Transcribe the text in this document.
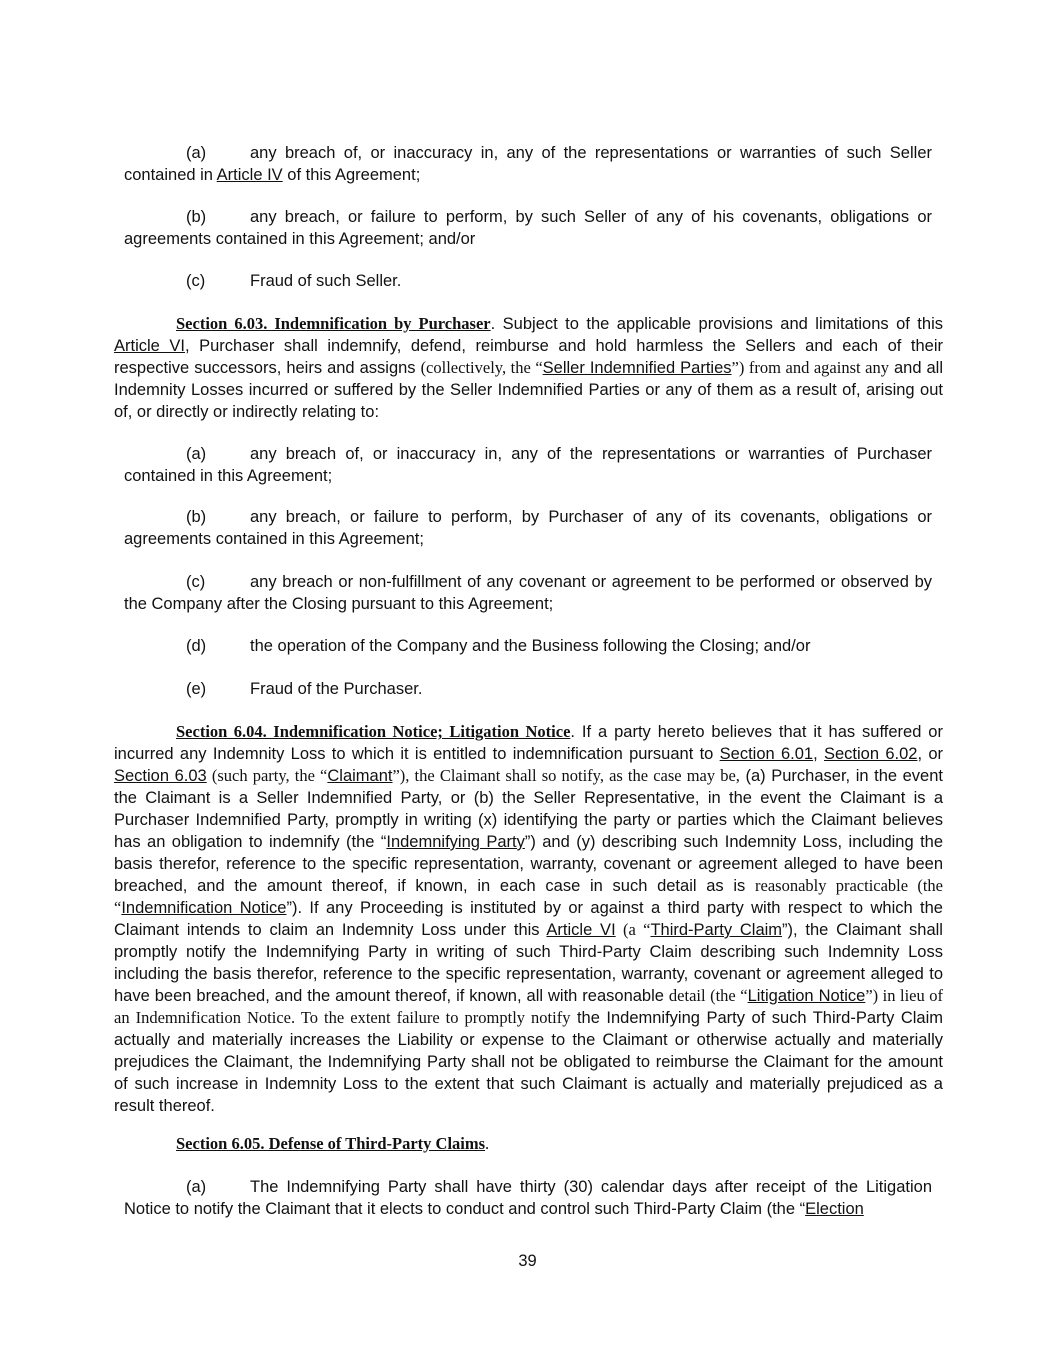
(a)	any breach of, or inaccuracy in, any of the representations or warranties of such Seller contained in Article IV of this Agreement;

(b)	any breach, or failure to perform, by such Seller of any of his covenants, obligations or agreements contained in this Agreement; and/or

(c)	Fraud of such Seller.

Section 6.03. Indemnification by Purchaser. Subject to the applicable provisions and limitations of this Article VI, Purchaser shall indemnify, defend, reimburse and hold harmless the Sellers and each of their respective successors, heirs and assigns (collectively, the “Seller Indemnified Parties”) from and against any and all Indemnity Losses incurred or suffered by the Seller Indemnified Parties or any of them as a result of, arising out of, or directly or indirectly relating to:

(a)	any breach of, or inaccuracy in, any of the representations or warranties of Purchaser contained in this Agreement;

(b)	any breach, or failure to perform, by Purchaser of any of its covenants, obligations or agreements contained in this Agreement;

(c)	any breach or non-fulfillment of any covenant or agreement to be performed or observed by the Company after the Closing pursuant to this Agreement;

(d)	the operation of the Company and the Business following the Closing; and/or

(e)	Fraud of the Purchaser.

Section 6.04. Indemnification Notice; Litigation Notice. If a party hereto believes that it has suffered or incurred any Indemnity Loss to which it is entitled to indemnification pursuant to Section 6.01, Section 6.02, or Section 6.03 (such party, the “Claimant”), the Claimant shall so notify, as the case may be, (a) Purchaser, in the event the Claimant is a Seller Indemnified Party, or (b) the Seller Representative, in the event the Claimant is a Purchaser Indemnified Party, promptly in writing (x) identifying the party or parties which the Claimant believes has an obligation to indemnify (the “Indemnifying Party”) and (y) describing such Indemnity Loss, including the basis therefor, reference to the specific representation, warranty, covenant or agreement alleged to have been breached, and the amount thereof, if known, in each case in such detail as is reasonably practicable (the “Indemnification Notice”). If any Proceeding is instituted by or against a third party with respect to which the Claimant intends to claim an Indemnity Loss under this Article VI (a “Third-Party Claim”), the Claimant shall promptly notify the Indemnifying Party in writing of such Third-Party Claim describing such Indemnity Loss including the basis therefor, reference to the specific representation, warranty, covenant or agreement alleged to have been breached, and the amount thereof, if known, all with reasonable detail (the “Litigation Notice”) in lieu of an Indemnification Notice. To the extent failure to promptly notify the Indemnifying Party of such Third-Party Claim actually and materially increases the Liability or expense to the Claimant or otherwise actually and materially prejudices the Claimant, the Indemnifying Party shall not be obligated to reimburse the Claimant for the amount of such increase in Indemnity Loss to the extent that such Claimant is actually and materially prejudiced as a result thereof.

Section 6.05. Defense of Third-Party Claims.

(a)	The Indemnifying Party shall have thirty (30) calendar days after receipt of the Litigation Notice to notify the Claimant that it elects to conduct and control such Third-Party Claim (the “Election

39
